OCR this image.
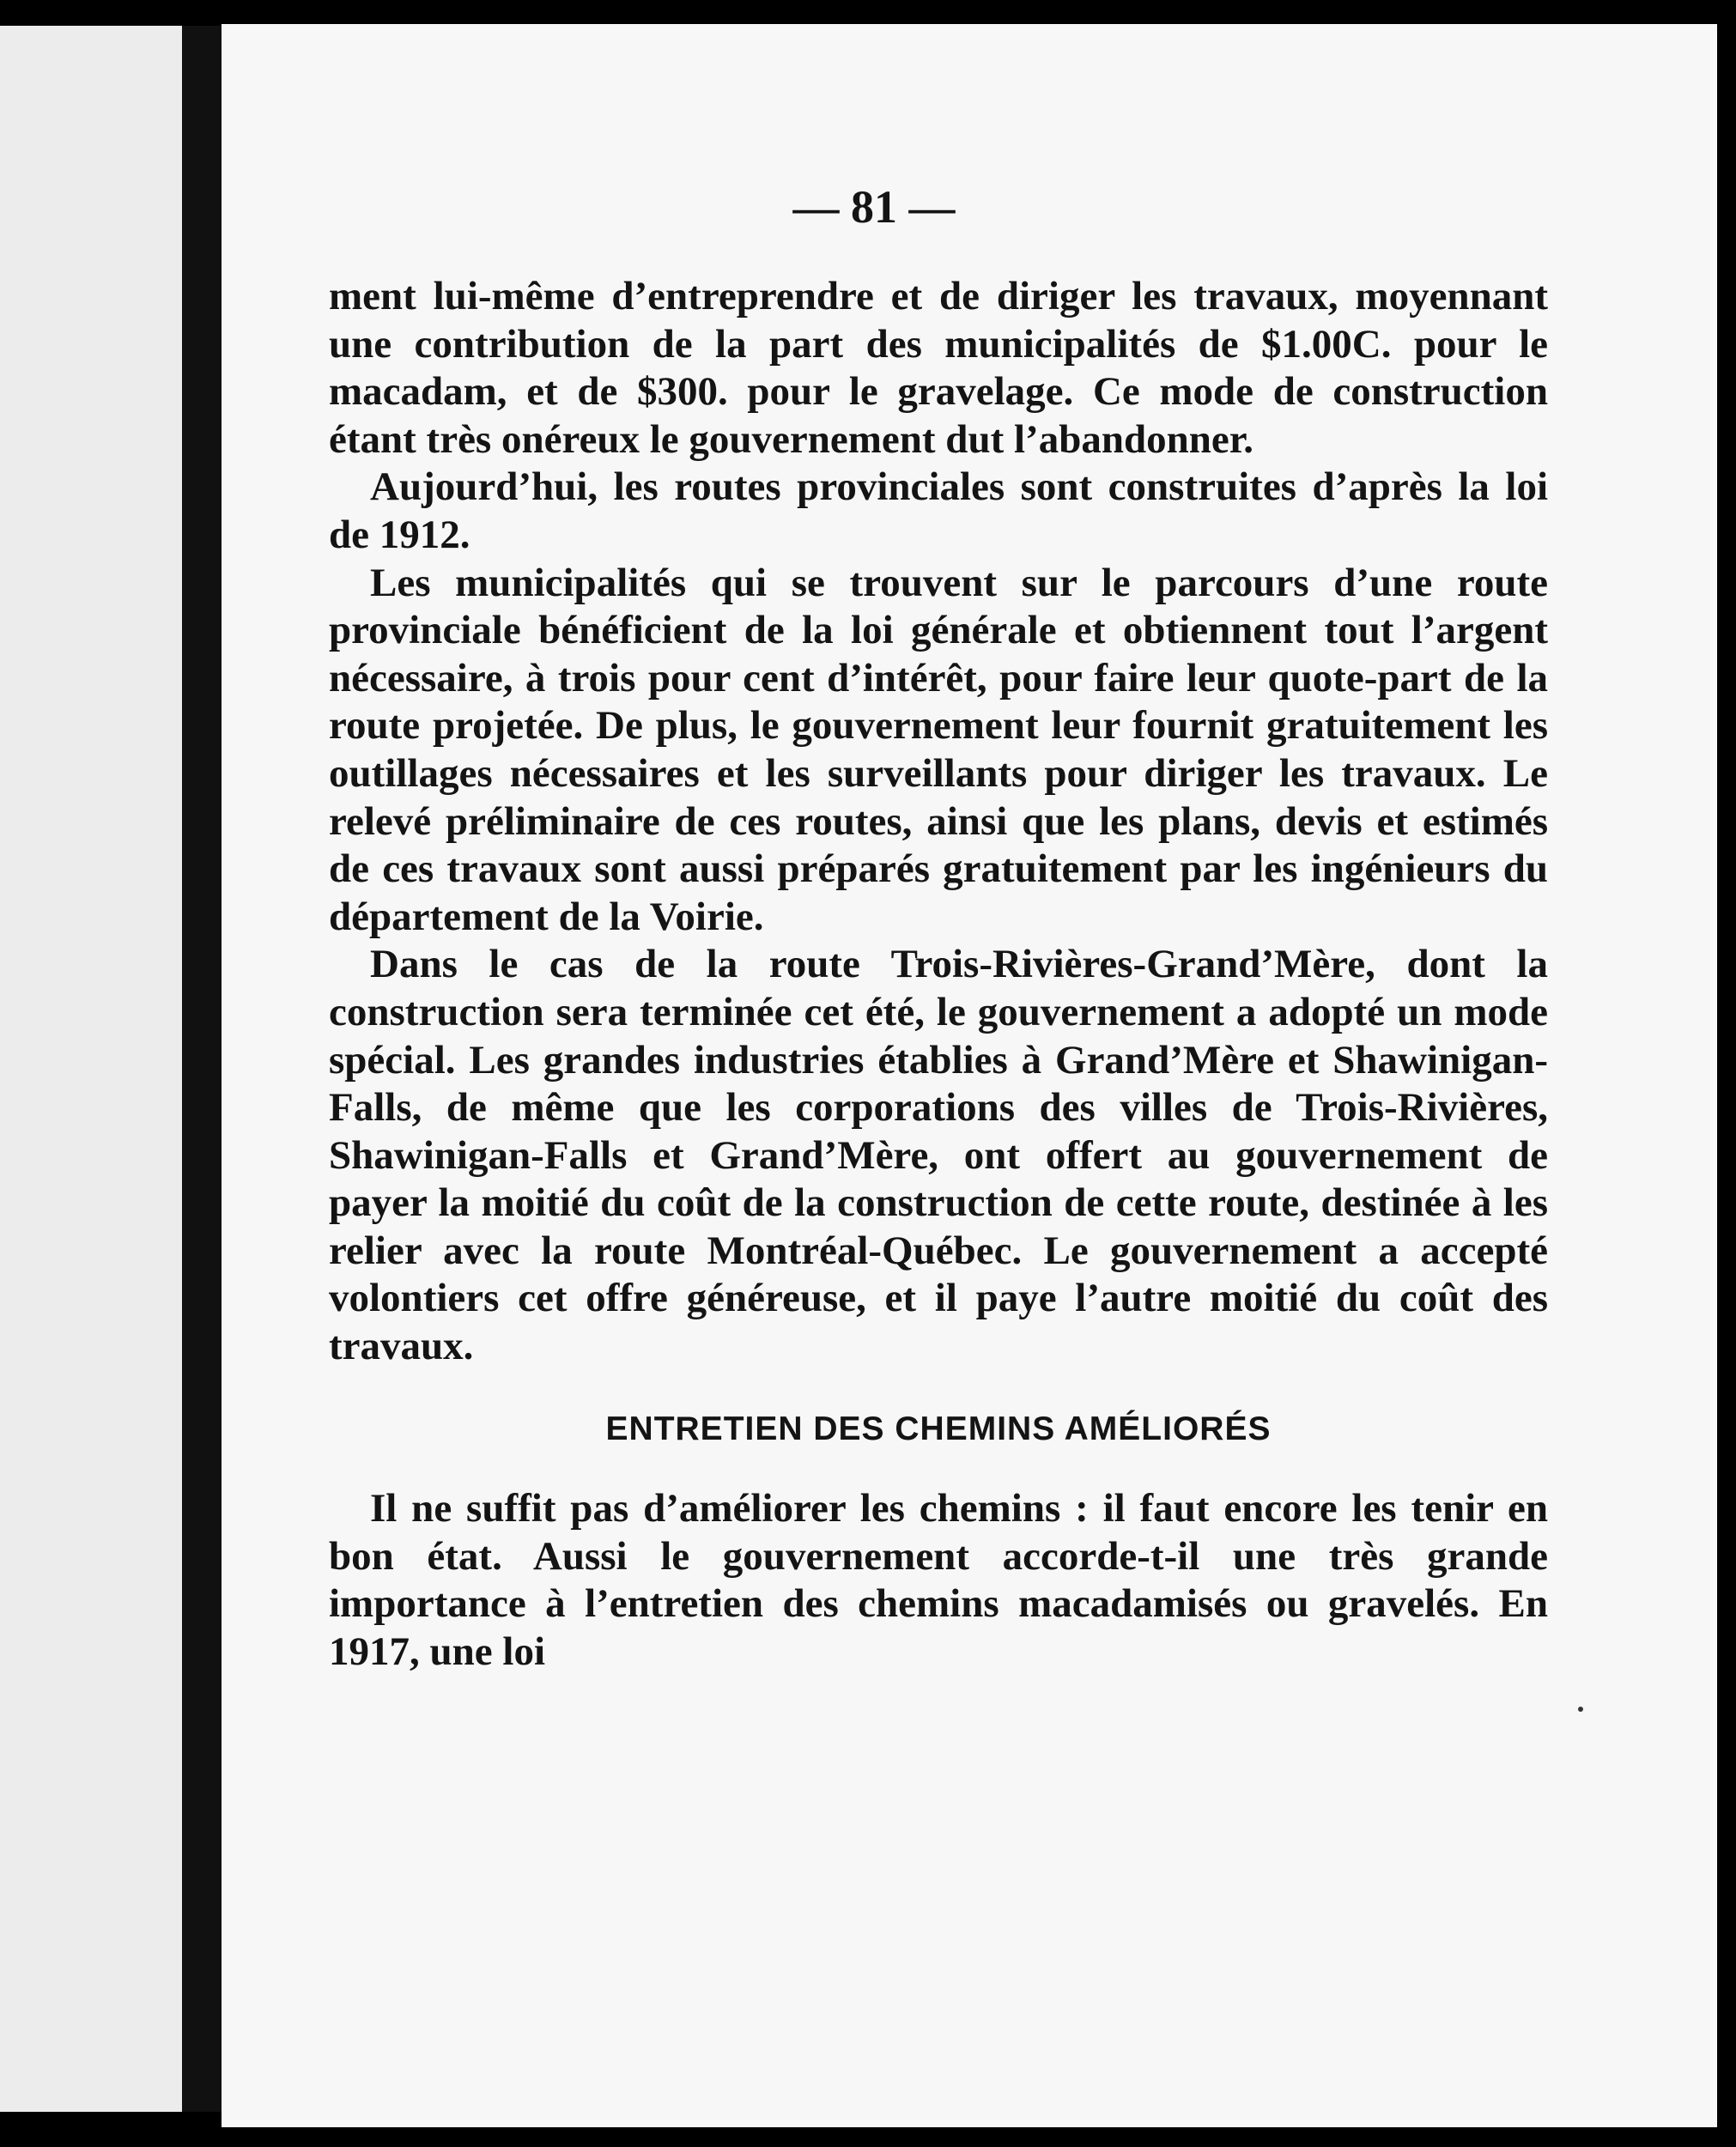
— 81 —

ment lui-même d’entreprendre et de diriger les travaux, moyennant une contribution de la part des municipalités de $1.00C. pour le macadam, et de $300. pour le gravelage. Ce mode de construction étant très onéreux le gouvernement dut l’abandonner.

Aujourd’hui, les routes provinciales sont construites d’après la loi de 1912.

Les municipalités qui se trouvent sur le parcours d’une route provinciale bénéficient de la loi générale et obtiennent tout l’argent nécessaire, à trois pour cent d’intérêt, pour faire leur quote-part de la route projetée. De plus, le gouvernement leur fournit gratuitement les outillages nécessaires et les surveillants pour diriger les travaux. Le relevé préliminaire de ces routes, ainsi que les plans, devis et estimés de ces travaux sont aussi préparés gratuitement par les ingénieurs du département de la Voirie.

Dans le cas de la route Trois-Rivières-Grand’Mère, dont la construction sera terminée cet été, le gouvernement a adopté un mode spécial. Les grandes industries établies à Grand’Mère et Shawinigan-Falls, de même que les corporations des villes de Trois-Rivières, Shawinigan-Falls et Grand’Mère, ont offert au gouvernement de payer la moitié du coût de la construction de cette route, destinée à les relier avec la route Montréal-Québec. Le gouvernement a accepté volontiers cet offre généreuse, et il paye l’autre moitié du coût des travaux.

ENTRETIEN DES CHEMINS AMÉLIORÉS

Il ne suffit pas d’améliorer les chemins : il faut encore les tenir en bon état. Aussi le gouvernement accorde-t-il une très grande importance à l’entretien des chemins macadamisés ou gravelés. En 1917, une loi
